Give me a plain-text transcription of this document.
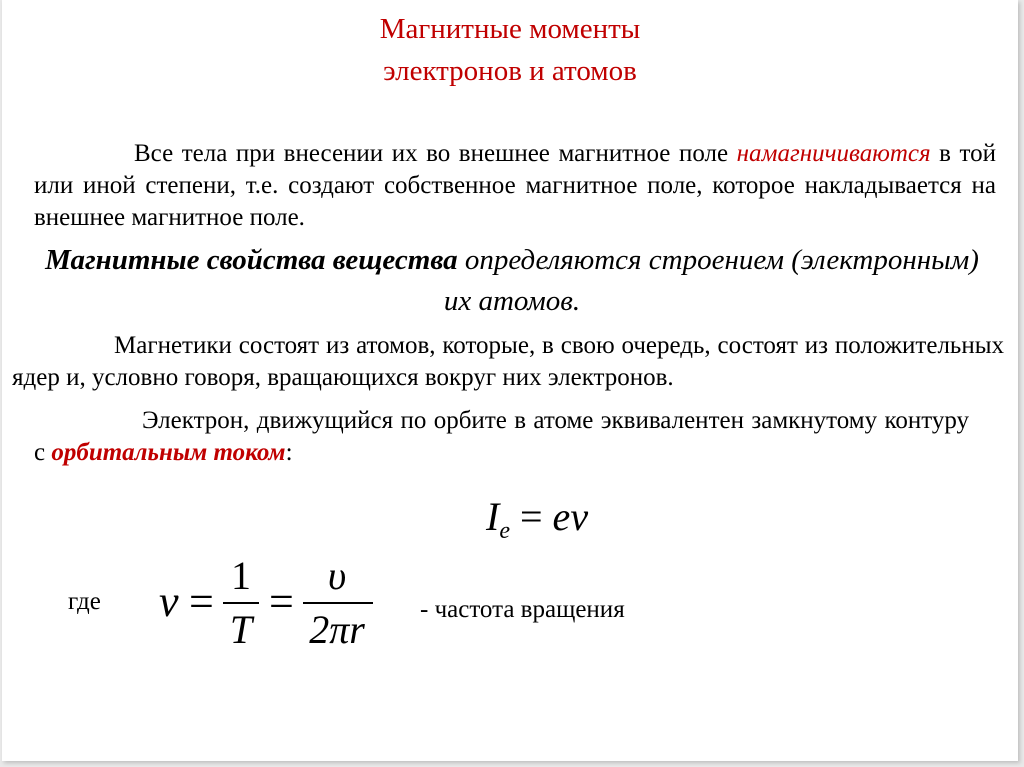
Магнитные моменты
электронов и атомов
Все тела при внесении их во внешнее магнитное поле намагничиваются в той или иной степени, т.е. создают собственное магнитное поле, которое накладывается на внешнее магнитное поле.
Магнитные свойства вещества определяются строением (электронным) их атомов.
Магнетики состоят из атомов, которые, в свою очередь, состоят из положительных ядер и, условно говоря, вращающихся вокруг них электронов.
Электрон, движущийся по орбите в атоме эквивалентен замкнутому контуру с орбитальным током:
$I_e = e\nu$
где ν =
1
T
=
υ
2πr	- частота вращения
